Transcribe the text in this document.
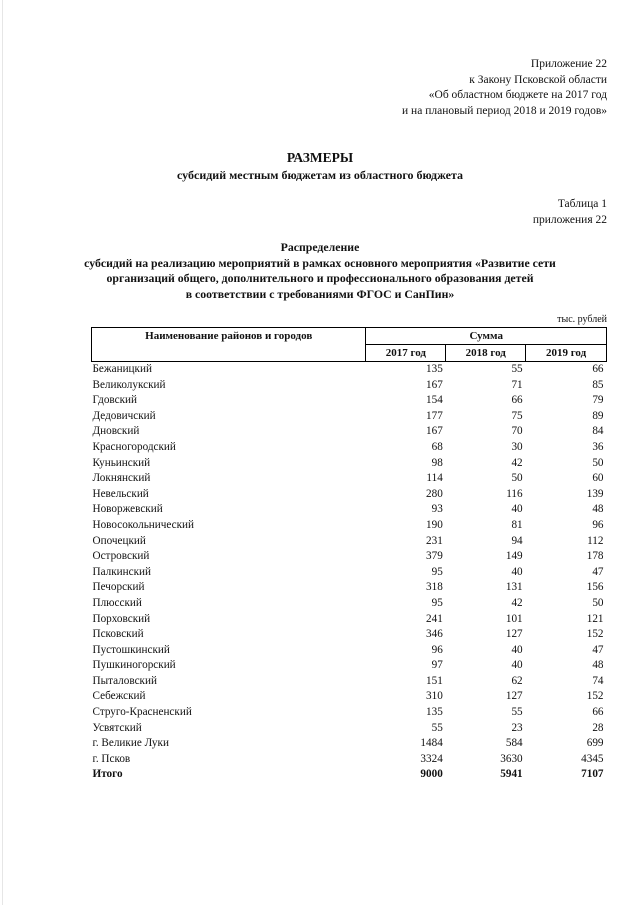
Приложение 22
к Закону Псковской области
«Об областном бюджете на 2017 год
и на плановый период 2018 и 2019 годов»
РАЗМЕРЫ
субсидий местным бюджетам из областного бюджета
Таблица 1
приложения 22
Распределение
субсидий на реализацию мероприятий в рамках основного мероприятия «Развитие сети
организаций общего, дополнительного и профессионального образования детей
в соответствии с требованиями ФГОС и СанПин»
тыс. рублей
Наименование районов и городов	Сумма		
	2017 год	2018 год	2019 год
Бежаницкий	135	55	66
Великолукский	167	71	85
Гдовский	154	66	79
Дедовичский	177	75	89
Дновский	167	70	84
Красногородский	68	30	36
Куньинский	98	42	50
Локнянский	114	50	60
Невельский	280	116	139
Новоржевский	93	40	48
Новосокольнический	190	81	96
Опочецкий	231	94	112
Островский	379	149	178
Палкинский	95	40	47
Печорский	318	131	156
Плюсский	95	42	50
Порховский	241	101	121
Псковский	346	127	152
Пустошкинский	96	40	47
Пушкиногорский	97	40	48
Пыталовский	151	62	74
Себежский	310	127	152
Струго-Красненский	135	55	66
Усвятский	55	23	28
г. Великие Луки	1484	584	699
г. Псков	3324	3630	4345
Итого	9000	5941	7107
